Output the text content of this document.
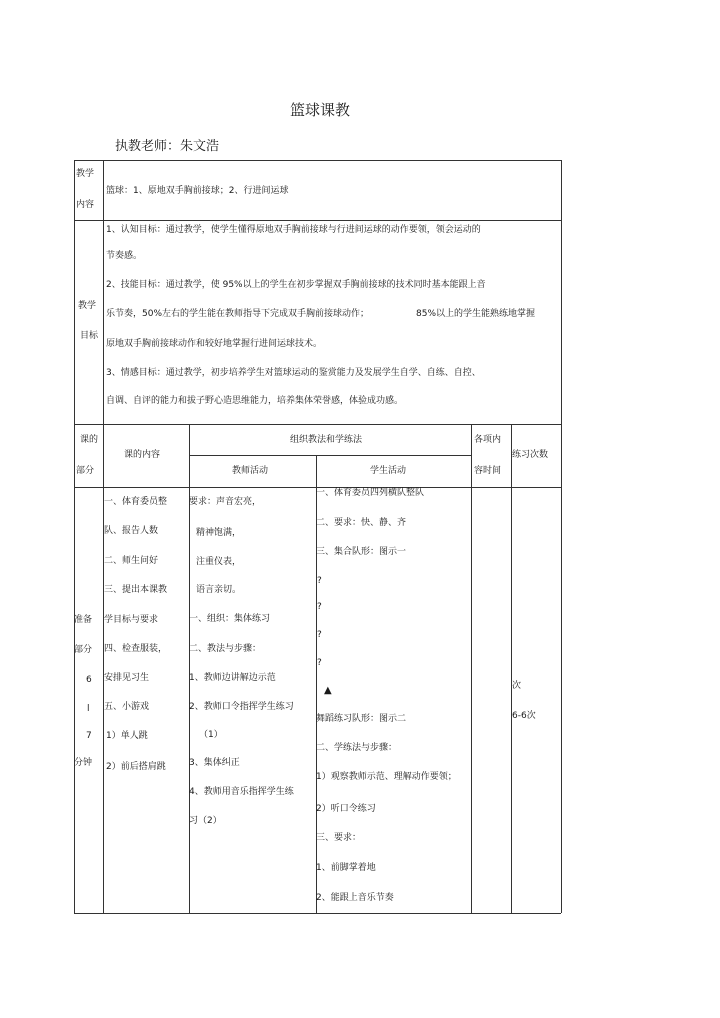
篮球课教
执教老师：朱文浩
教学
内容
篮球：1、原地双手胸前接球；2、行进间运球
教学
目标
1、认知目标：通过教学，使学生懂得原地双手胸前接球与行进间运球的动作要领，领会运动的
节奏感。
2、技能目标：通过教学，使 95%以上的学生在初步掌握双手胸前接球的技术同时基本能跟上音
乐节奏，50%左右的学生能在教师指导下完成双手胸前接球动作；	85%以上的学生能熟练地掌握
原地双手胸前接球动作和较好地掌握行进间运球技术。
3、情感目标：通过教学，初步培养学生对篮球运动的鉴赏能力及发展学生自学、自练、自控、
自调、自评的能力和拔子野心造思维能力，培养集体荣誉感，体验成功感。
课的
部分
课的内容
组织教法和学练法
教师活动	学生活动
各项内
容时间
练习次数
准备
部分
6
l
7
分钟
一、体育委员整
队、报告人数
二、师生问好
三、提出本课教
学目标与要求
四、检查服装，
安排见习生
五、小游戏
1）单人跳
2）前后搭肩跳
要求：声音宏亮，
精神饱满，
注重仪表，
语言亲切。
一、组织：集体练习
二、教法与步骤：
1、教师边讲解边示范
2、教师口令指挥学生练习
（1）
3、集体纠正
4、教师用音乐指挥学生练
习（2）
一、体育委员四列横队整队
二、要求：快、静、齐
三、集合队形：图示一
?
?
?
?
▲
舞蹈练习队形：图示二
二、学练法与步骤：
1）观察教师示范、理解动作要领；
2）听口令练习
三、要求：
1、前脚掌着地
2、能跟上音乐节奏
次
6-6次
